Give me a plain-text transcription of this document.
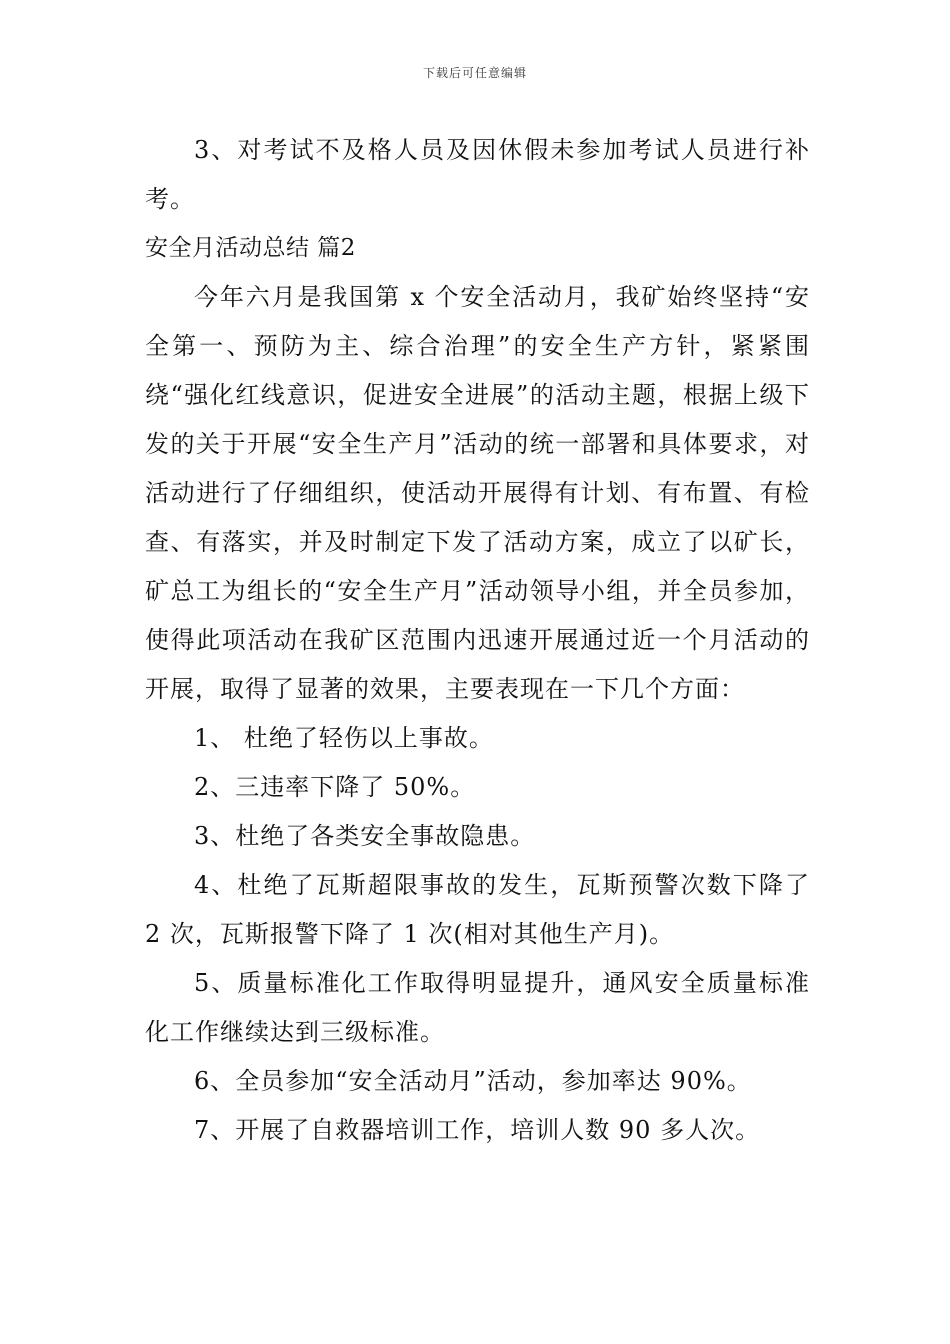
下载后可任意编辑

3、对考试不及格人员及因休假未参加考试人员进行补考。

安全月活动总结 篇2

今年六月是我国第 x 个安全活动月，我矿始终坚持“安全第一、预防为主、综合治理”的安全生产方针，紧紧围绕“强化红线意识，促进安全进展”的活动主题，根据上级下发的关于开展“安全生产月”活动的统一部署和具体要求，对活动进行了仔细组织，使活动开展得有计划、有布置、有检查、有落实，并及时制定下发了活动方案，成立了以矿长，矿总工为组长的“安全生产月”活动领导小组，并全员参加，使得此项活动在我矿区范围内迅速开展通过近一个月活动的开展，取得了显著的效果，主要表现在一下几个方面：

1、 杜绝了轻伤以上事故。

2、三违率下降了 50%。

3、杜绝了各类安全事故隐患。

4、杜绝了瓦斯超限事故的发生，瓦斯预警次数下降了 2 次，瓦斯报警下降了 1 次(相对其他生产月)。

5、质量标准化工作取得明显提升，通风安全质量标准化工作继续达到三级标准。

6、全员参加“安全活动月”活动，参加率达 90%。

7、开展了自救器培训工作，培训人数 90 多人次。
